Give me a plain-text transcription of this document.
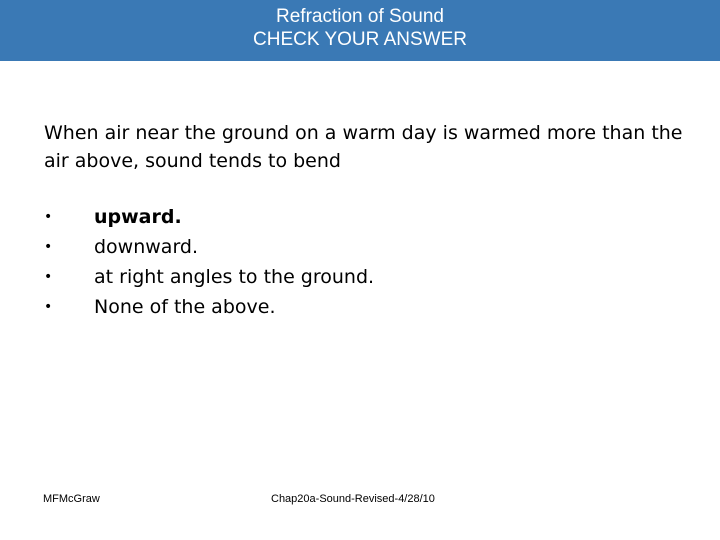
Refraction of Sound
CHECK YOUR ANSWER
When air near the ground on a warm day is warmed more than the air above, sound tends to bend
•	upward.
•	downward.
•	at right angles to the ground.
•	None of the above.
MFMcGraw	Chap20a-Sound-Revised-4/28/10
